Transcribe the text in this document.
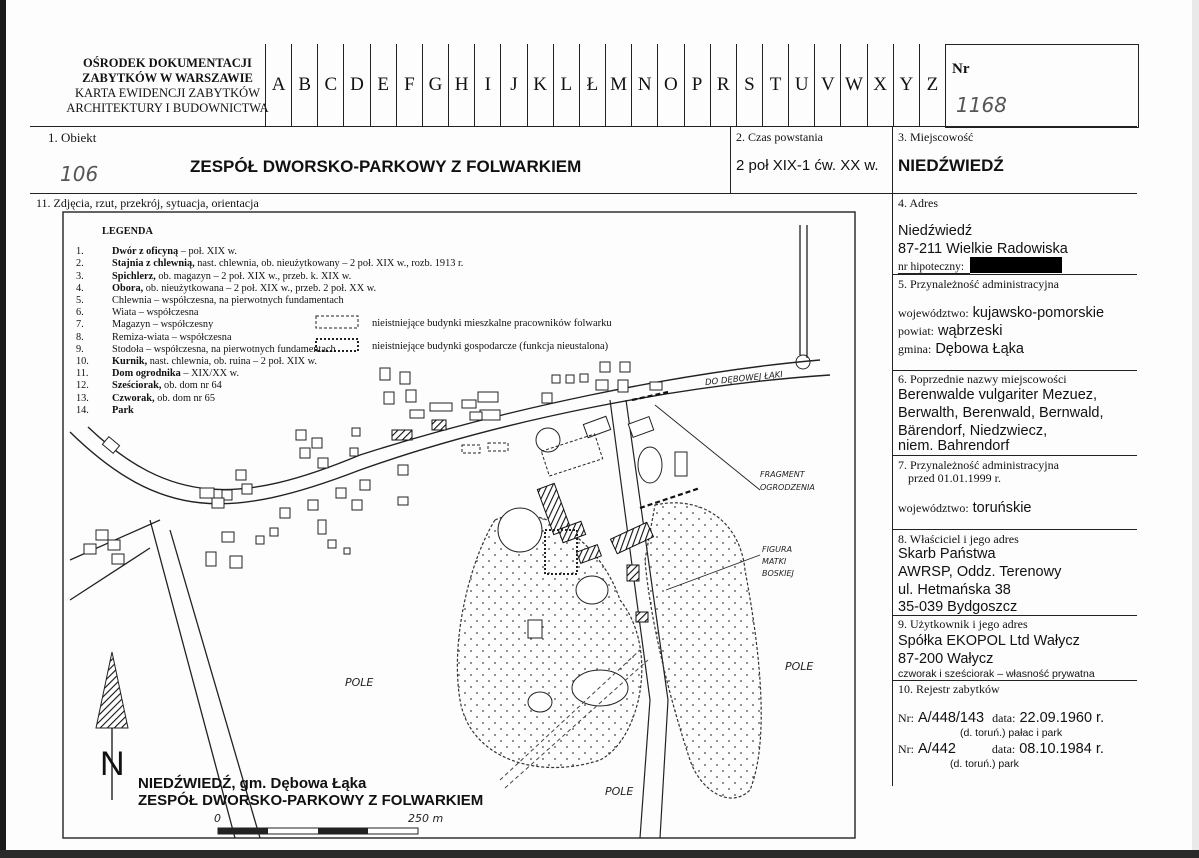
OŚRODEK DOKUMENTACJI
ZABYTKÓW W WARSZAWIE
KARTA EWIDENCJI ZABYTKÓW
ARCHITEKTURY I BUDOWNICTWA
A B C D E F G H I	J K L Ł M N O P R S T U V W X Y Z
Nr
1168
1. Obiekt
106	ZESPÓŁ DWORSKO-PARKOWY Z FOLWARKIEM
2. Czas powstania
2 poł XIX-1 ćw. XX w.
3. Miejscowość
NIEDŹWIEDŹ
11. Zdjęcia, rzut, przekrój, sytuacja, orientacja	4. Adres
Niedźwiedź
87-211 Wielkie Radowiska
nr hipoteczny:
5. Przynależność administracyjna
województwo: kujawsko-pomorskie
powiat: wąbrzeski
gmina: Dębowa Łąka
6. Poprzednie nazwy miejscowości
Berenwalde vulgariter Mezuez,
Berwalth, Berenwald, Bernwald,
Bärendorf, Niedzwiecz,
niem. Bahrendorf
7. Przynależność administracyjna
przed 01.01.1999 r.
województwo: toruńskie
8. Właściciel i jego adres
Skarb Państwa
AWRSP, Oddz. Terenowy
ul. Hetmańska 38
35-039 Bydgoszcz
9. Użytkownik i jego adres
Spółka EKOPOL Ltd Wałycz
87-200 Wałycz
czworak i sześciorak – własność prywatna
10. Rejestr zabytków
Nr: A/448/143 data: 22.09.1960 r.
(d. toruń.) pałac i park
Nr: A/442	data: 08.10.1984 r.
(d. toruń.) park
LEGENDA
1.	Dwór z oficyną – poł. XIX w.
2.	Stajnia z chlewnią, nast. chlewnia, ob. nieużytkowany – 2 poł. XIX w., rozb. 1913 r.
3.	Spichlerz, ob. magazyn – 2 poł. XIX w., przeb. k. XIX w.
4.	Obora, ob. nieużytkowana – 2 poł. XIX w., przeb. 2 poł. XX w.
5.	Chlewnia – współczesna, na pierwotnych fundamentach
6.	Wiata – współczesna
7.	Magazyn – współczesny
8.	Remiza-wiata – współczesna
9.	Stodoła – współczesna, na pierwotnych fundamentach
10.	Kurnik, nast. chlewnia, ob. ruina – 2 poł. XIX w.
11.	Dom ogrodnika – XIX/XX w.
12.	Sześciorak, ob. dom nr 64
13.	Czworak, ob. dom nr 65
14.	Park
nieistniejące budynki mieszkalne pracowników folwarku
nieistniejące budynki gospodarcze (funkcja nieustalona)
DO DĘBOWEJ ŁĄKI
FRAGMENT
OGRODZENIA
FIGURA
MATKI
BOSKIEJ
POLE
POLE
POLE
N
NIEDŹWIEDŹ, gm. Dębowa Łąka
ZESPÓŁ DWORSKO-PARKOWY Z FOLWARKIEM
0	250 m
